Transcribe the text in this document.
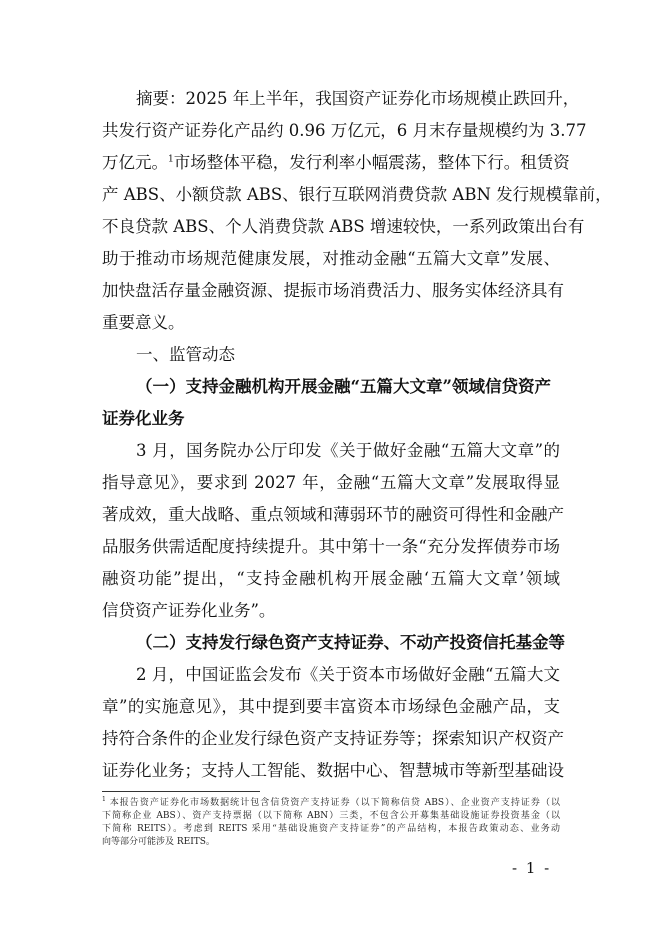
摘要：2025 年上半年，我国资产证券化市场规模止跌回升，

共发行资产证券化产品约 0.96 万亿元，6 月末存量规模约为 3.77

万亿元。$^1$市场整体平稳，发行利率小幅震荡，整体下行。租赁资

产 ABS、小额贷款 ABS、银行互联网消费贷款 ABN 发行规模靠前，

不良贷款 ABS、个人消费贷款 ABS 增速较快，一系列政策出台有

助于推动市场规范健康发展，对推动金融“五篇大文章”发展、

加快盘活存量金融资源、提振市场消费活力、服务实体经济具有

重要意义。

一、监管动态

（一）支持金融机构开展金融“五篇大文章”领域信贷资产

证券化业务

3 月，国务院办公厅印发《关于做好金融“五篇大文章”的

指导意见》，要求到 2027 年，金融“五篇大文章”发展取得显

著成效，重大战略、重点领域和薄弱环节的融资可得性和金融产

品服务供需适配度持续提升。其中第十一条“充分发挥债券市场

融资功能”提出，“支持金融机构开展金融‘五篇大文章’领域

信贷资产证券化业务”。

（二）支持发行绿色资产支持证券、不动产投资信托基金等

2 月，中国证监会发布《关于资本市场做好金融“五篇大文

章”的实施意见》，其中提到要丰富资本市场绿色金融产品，支

持符合条件的企业发行绿色资产支持证券等；探索知识产权资产

证券化业务；支持人工智能、数据中心、智慧城市等新型基础设

$^1$ 本报告资产证券化市场数据统计包含信贷资产支持证券（以下简称信贷 ABS）、企业资产支持证券（以
下简称企业 ABS）、资产支持票据（以下简称 ABN）三类，不包含公开募集基础设施证券投资基金（以
下简称 REITS）。考虑到 REITS 采用“基础设施资产支持证券”的产品结构，本报告政策动态、业务动
向等部分可能涉及 REITS。
- 1 -
